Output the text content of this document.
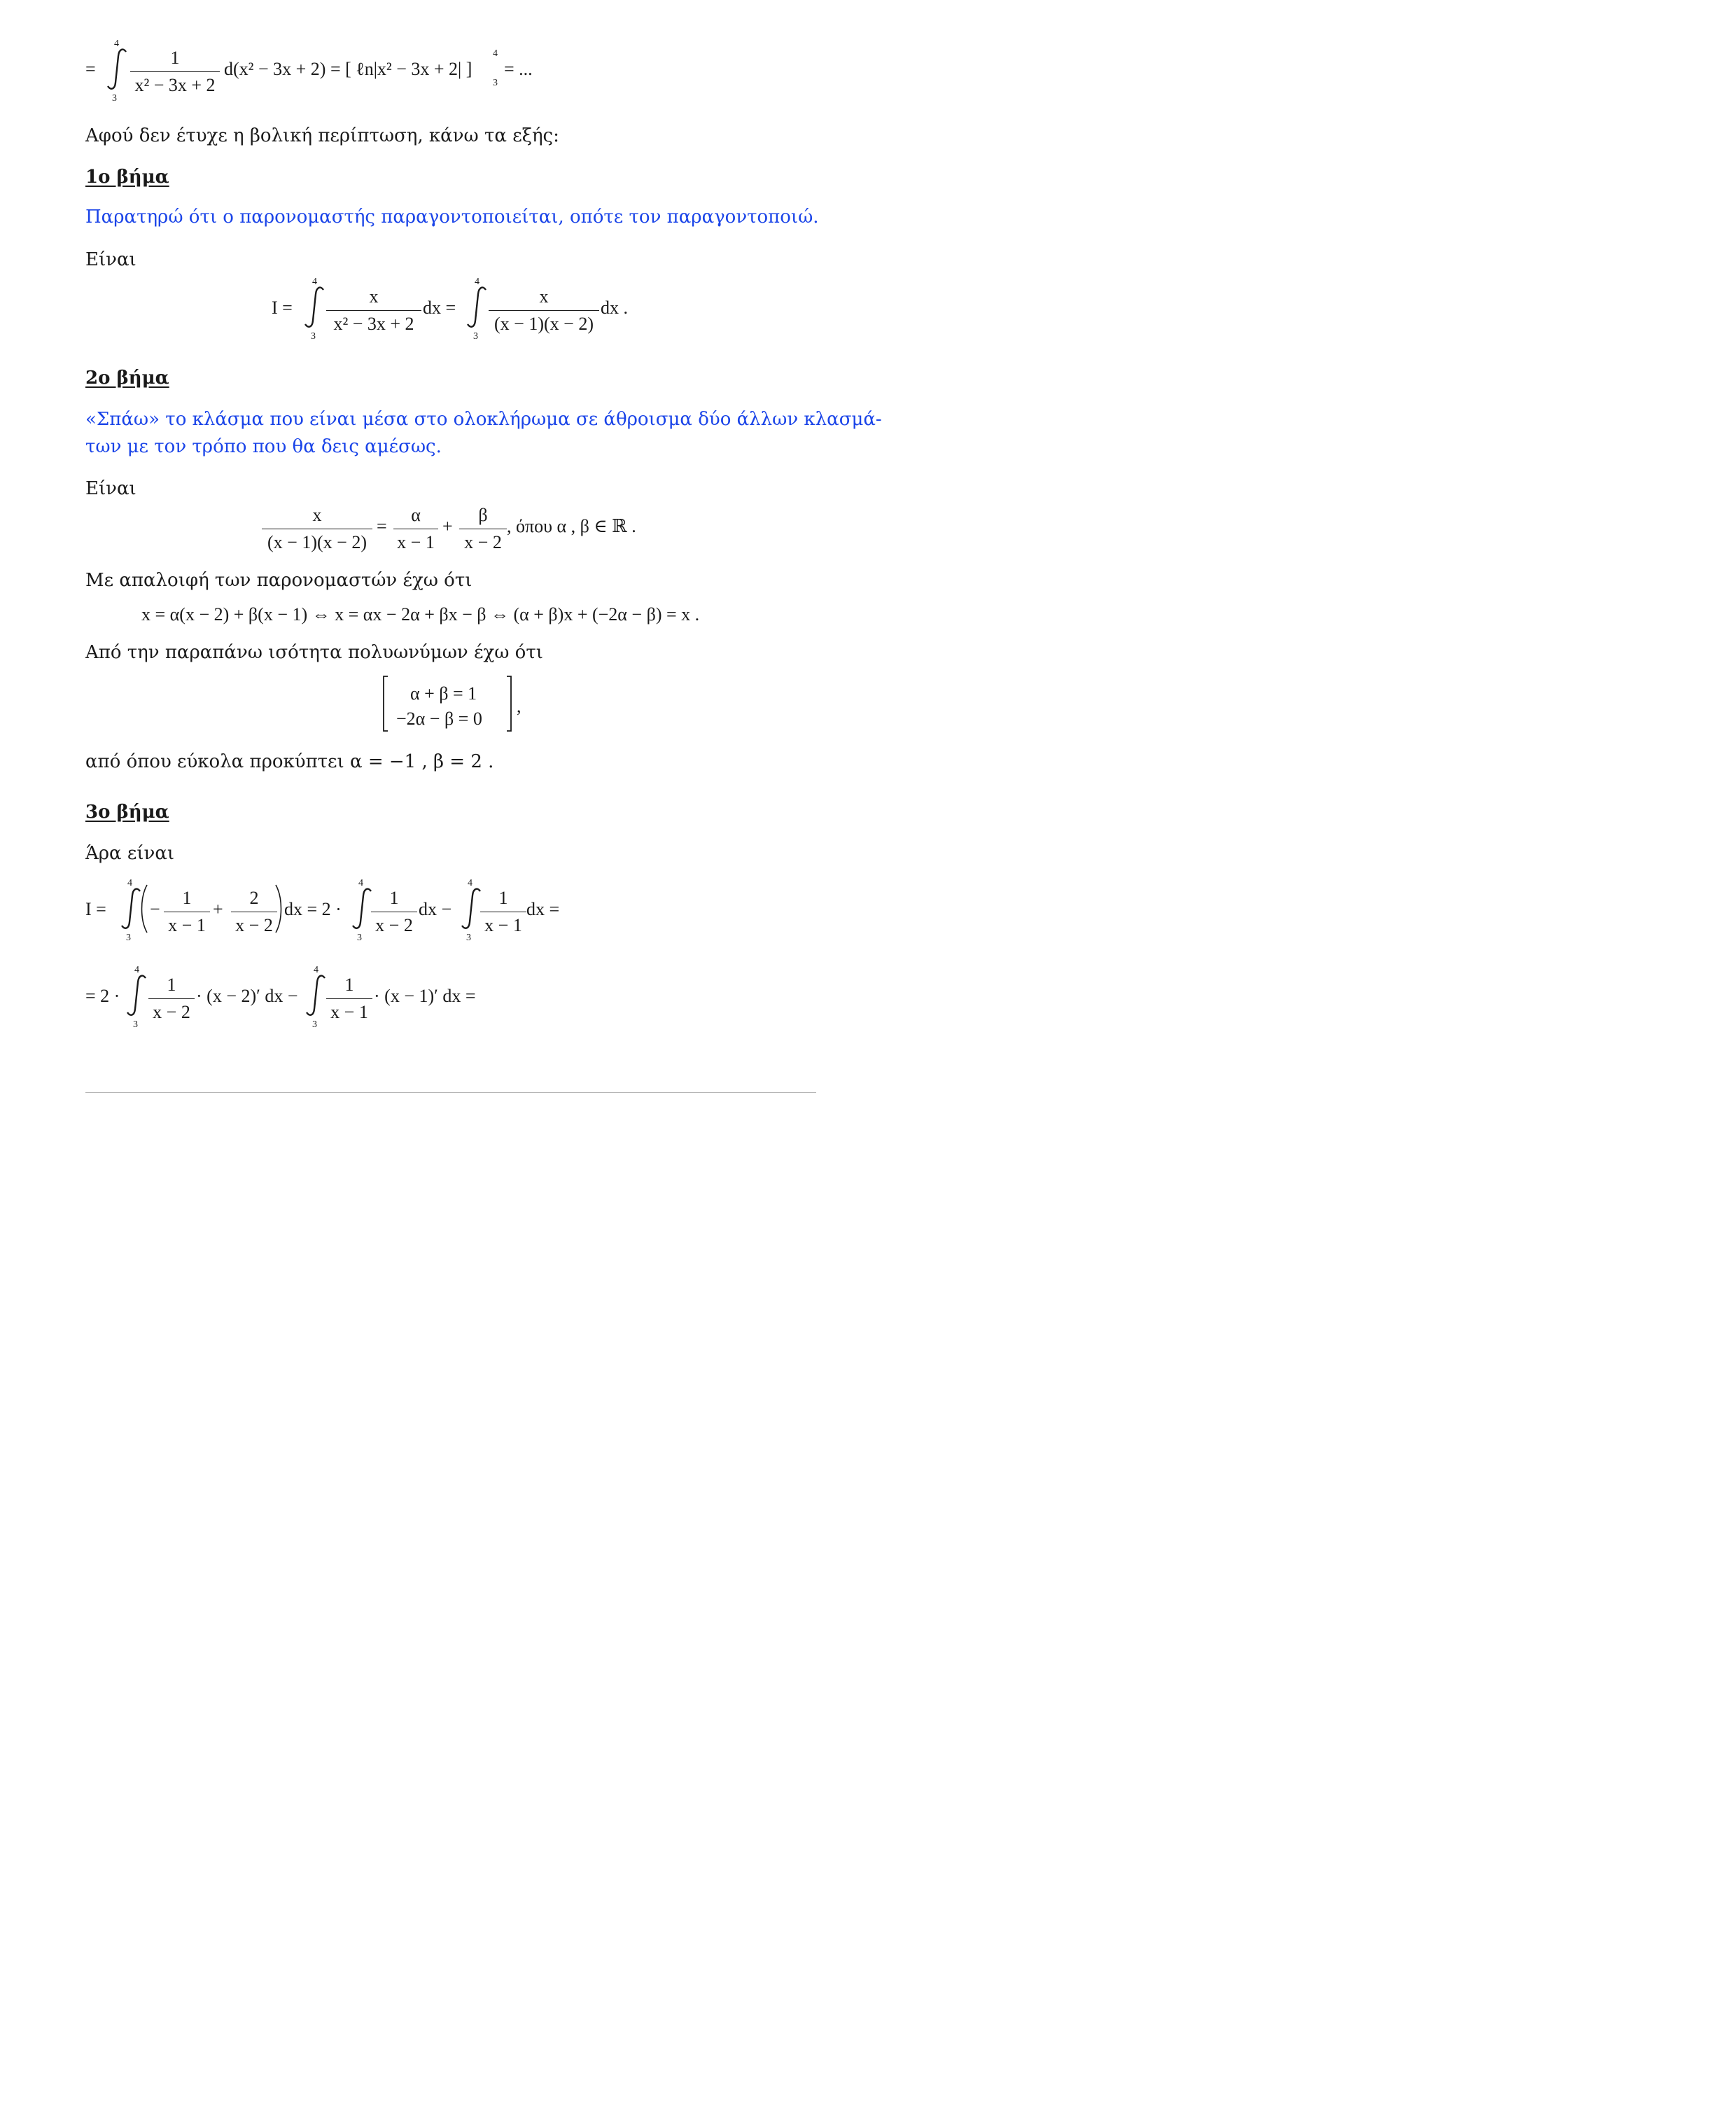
=
4
3
$\frac{1}{\text{x² − 3x + 2}} d(x^2 - 3x + 2)$ = [ ℓn|x² − 3x + 2| ]
4
3
= ...
Αφού δεν έτυχε η βολική περίπτωση, κάνω τα εξής:
1ο βήμα
Παρατηρώ ότι ο παρονομαστής παραγοντοποιείται, οπότε τον παραγοντοποιώ.
Είναι
I =
4
3
$\frac{x}{\text{x² − 3x + 2}}$ dx =
4
3
$\frac{x}{(x - 1)(x - 2)}$ dx .
2ο βήμα
«Σπάω» το κλάσμα που είναι μέσα στο ολοκλήρωμα σε άθροισμα δύο άλλων κλασμά-
των με τον τρόπο που θα δεις αμέσως.
Είναι
$\frac{x}{(x - 1)(x - 2)} = \frac{\alpha}{x - 1} + \frac{\beta}{x - 2}$ , όπου α , β ∈ ℝ .
Με απαλοιφή των παρονομαστών έχω ότι
x = α(x − 2) + β(x − 1) ⇔ x = αx − 2α + βx − β ⇔ (α + β)x + (−2α − β) = x .
Από την παραπάνω ισότητα πολυωνύμων έχω ότι
α + β = 1
−2α − β = 0
,
από όπου εύκολα προκύπτει α = −1 , β = 2 .
3ο βήμα
Άρα είναι
I =
4
3
− $\frac{1}{x - 1} + \frac{2}{x - 2}$ dx = 2 ·
4
3
$\frac{1}{x - 2}$ dx −
4
3
$\frac{1}{x - 1}$ dx =
= 2 ·
4
3
$\frac{1}{x - 2} \cdot (x - 2)'$ dx −
4
3
$\frac{1}{x - 1} \cdot (x - 1)'$ dx =
